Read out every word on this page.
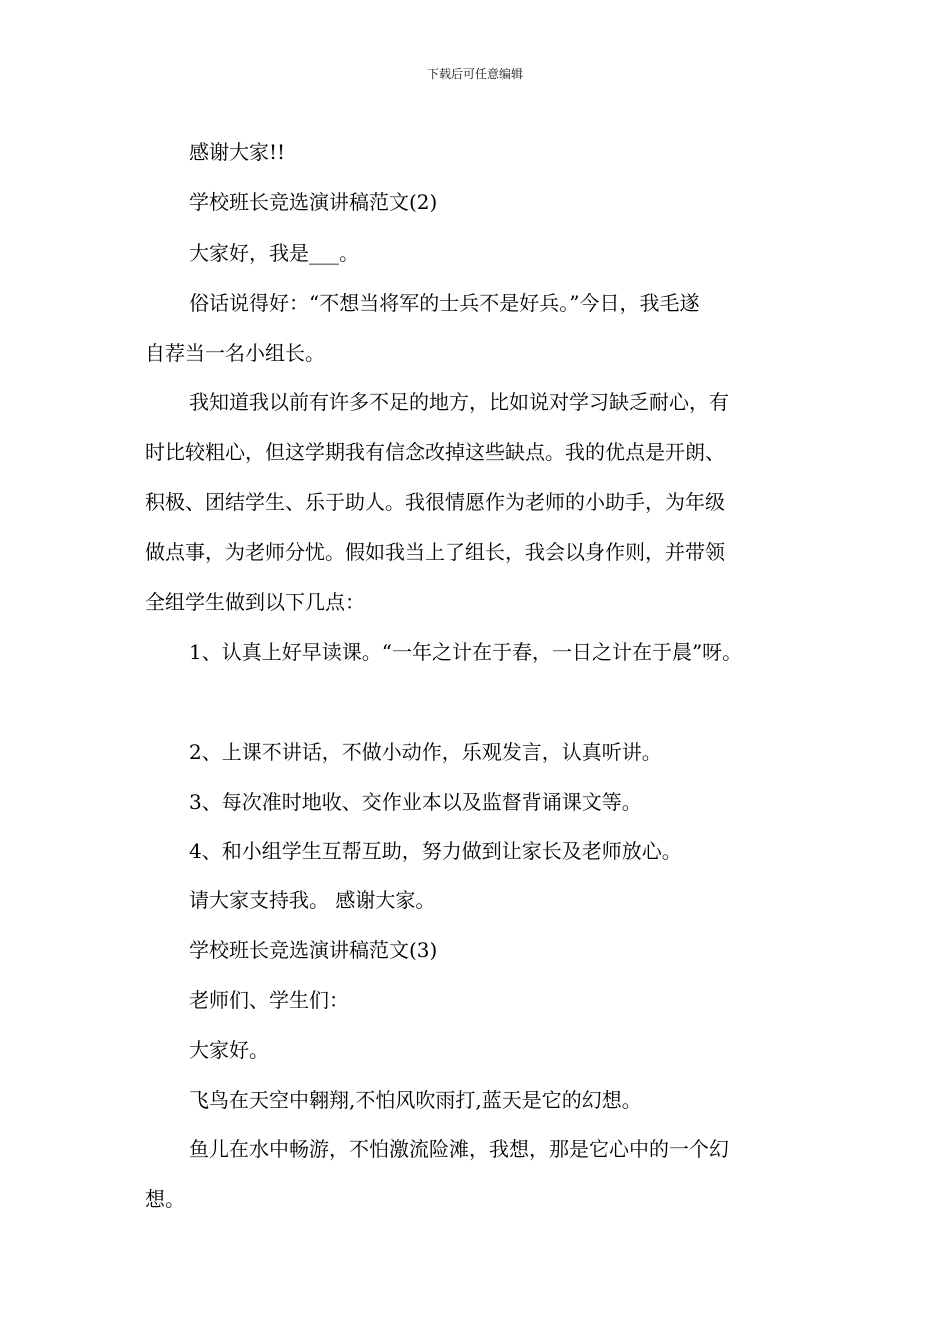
下载后可任意编辑
感谢大家!!
学校班长竞选演讲稿范文(2)
大家好，我是___。
俗话说得好：“不想当将军的士兵不是好兵。”今日，我毛遂
自荐当一名小组长。
我知道我以前有许多不足的地方，比如说对学习缺乏耐心，有
时比较粗心，但这学期我有信念改掉这些缺点。我的优点是开朗、
积极、团结学生、乐于助人。我很情愿作为老师的小助手，为年级
做点事，为老师分忧。假如我当上了组长，我会以身作则，并带领
全组学生做到以下几点：
1、认真上好早读课。“一年之计在于春，一日之计在于晨”呀。
2、上课不讲话，不做小动作，乐观发言，认真听讲。
3、每次准时地收、交作业本以及监督背诵课文等。
4、和小组学生互帮互助，努力做到让家长及老师放心。
请大家支持我。 感谢大家。
学校班长竞选演讲稿范文(3)
老师们、学生们：
大家好。
飞鸟在天空中翱翔,不怕风吹雨打,蓝天是它的幻想。
鱼儿在水中畅游，不怕激流险滩，我想，那是它心中的一个幻
想。
